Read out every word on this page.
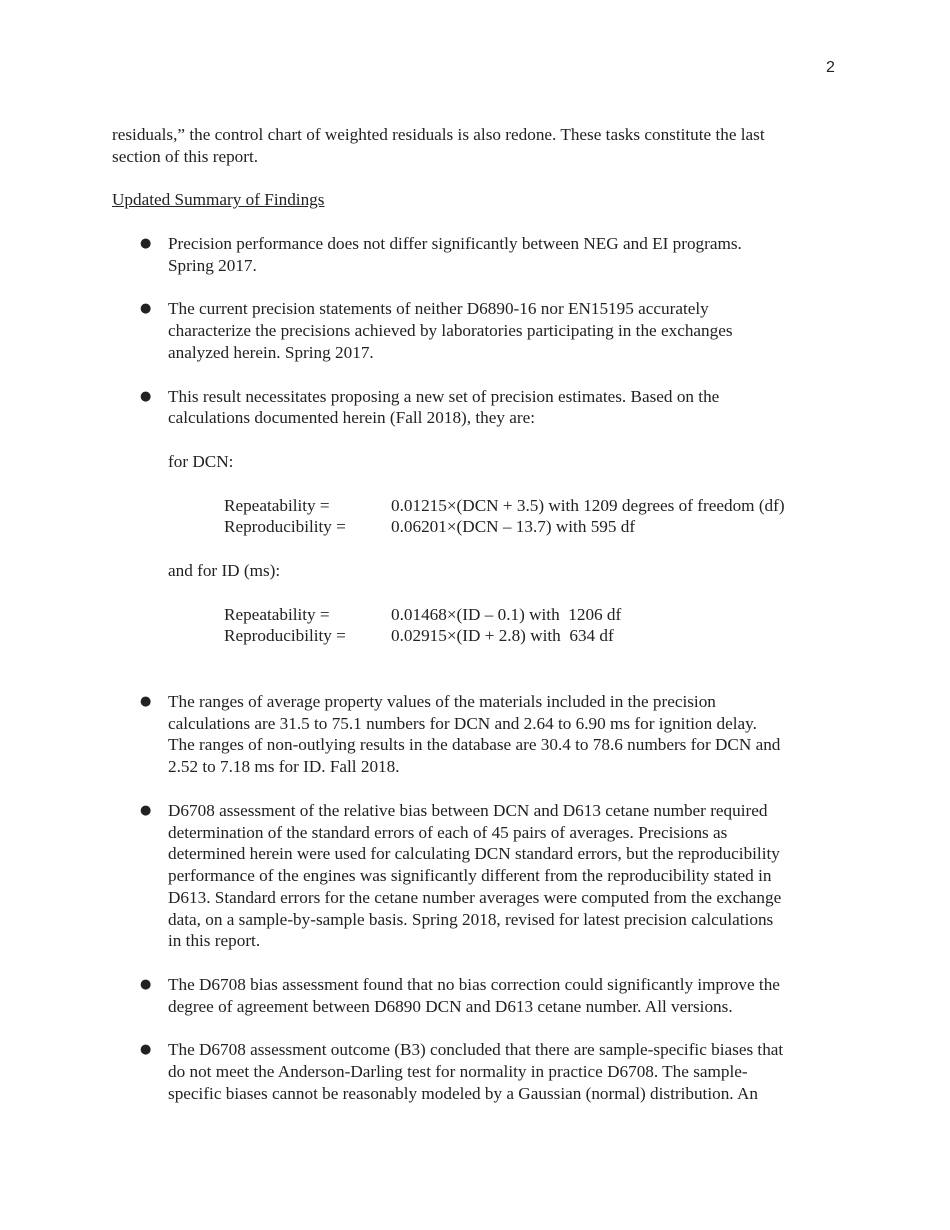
2
residuals,” the control chart of weighted residuals is also redone. These tasks constitute the last
section of this report.
Updated Summary of Findings
● Precision performance does not differ significantly between NEG and EI programs.
Spring 2017.
● The current precision statements of neither D6890-16 nor EN15195 accurately
characterize the precisions achieved by laboratories participating in the exchanges
analyzed herein. Spring 2017.
● This result necessitates proposing a new set of precision estimates. Based on the
calculations documented herein (Fall 2018), they are:
for DCN:
Repeatability =	0.01215×(DCN + 3.5) with 1209 degrees of freedom (df)
Reproducibility =	0.06201×(DCN – 13.7) with 595 df
and for ID (ms):
Repeatability =	0.01468×(ID – 0.1) with  1206 df
Reproducibility =	0.02915×(ID + 2.8) with  634 df
● The ranges of average property values of the materials included in the precision
calculations are 31.5 to 75.1 numbers for DCN and 2.64 to 6.90 ms for ignition delay.
The ranges of non-outlying results in the database are 30.4 to 78.6 numbers for DCN and
2.52 to 7.18 ms for ID. Fall 2018.
● D6708 assessment of the relative bias between DCN and D613 cetane number required
determination of the standard errors of each of 45 pairs of averages. Precisions as
determined herein were used for calculating DCN standard errors, but the reproducibility
performance of the engines was significantly different from the reproducibility stated in
D613. Standard errors for the cetane number averages were computed from the exchange
data, on a sample-by-sample basis. Spring 2018, revised for latest precision calculations
in this report.
● The D6708 bias assessment found that no bias correction could significantly improve the
degree of agreement between D6890 DCN and D613 cetane number. All versions.
● The D6708 assessment outcome (B3) concluded that there are sample-specific biases that
do not meet the Anderson-Darling test for normality in practice D6708. The sample-
specific biases cannot be reasonably modeled by a Gaussian (normal) distribution. An
